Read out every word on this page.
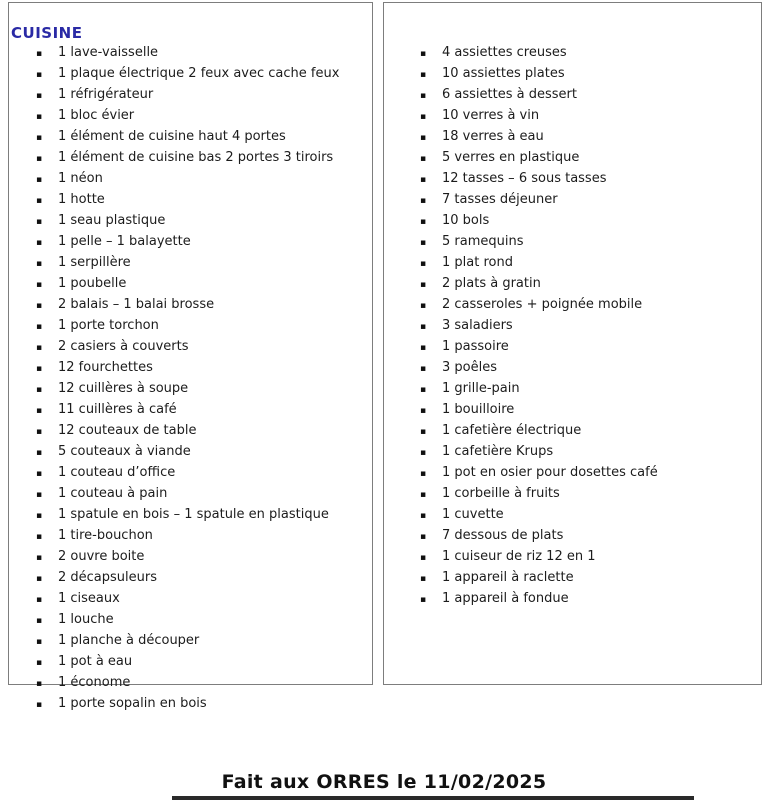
CUISINE
▪	1 lave-vaisselle
▪	1 plaque électrique 2 feux avec cache feux
▪	1 réfrigérateur
▪	1 bloc évier
▪	1 élément de cuisine haut 4 portes
▪	1 élément de cuisine bas 2 portes 3 tiroirs
▪	1 néon
▪	1 hotte
▪	1 seau plastique
▪	1 pelle – 1 balayette
▪	1 serpillère
▪	1 poubelle
▪	2 balais – 1 balai brosse
▪	1 porte torchon
▪	2 casiers à couverts
▪	12 fourchettes
▪	12 cuillères à soupe
▪	11 cuillères à café
▪	12 couteaux de table
▪	5 couteaux à viande
▪	1 couteau d’office
▪	1 couteau à pain
▪	1 spatule en bois – 1 spatule en plastique
▪	1 tire-bouchon
▪	2 ouvre boite
▪	2 décapsuleurs
▪	1 ciseaux
▪	1 louche
▪	1 planche à découper
▪	1 pot à eau
▪	1 économe
▪	1 porte sopalin en bois
▪	4 assiettes creuses
▪	10 assiettes plates
▪	6 assiettes à dessert
▪	10 verres à vin
▪	18 verres à eau
▪	5 verres en plastique
▪	12 tasses – 6 sous tasses
▪	7 tasses déjeuner
▪	10 bols
▪	5 ramequins
▪	1 plat rond
▪	2 plats à gratin
▪	2 casseroles + poignée mobile
▪	3 saladiers
▪	1 passoire
▪	3 poêles
▪	1 grille-pain
▪	1 bouilloire
▪	1 cafetière électrique
▪	1 cafetière Krups
▪	1 pot en osier pour dosettes café
▪	1 corbeille à fruits
▪	1 cuvette
▪	7 dessous de plats
▪	1 cuiseur de riz 12 en 1
▪	1 appareil à raclette
▪	1 appareil à fondue
Fait aux ORRES le 11/02/2025
